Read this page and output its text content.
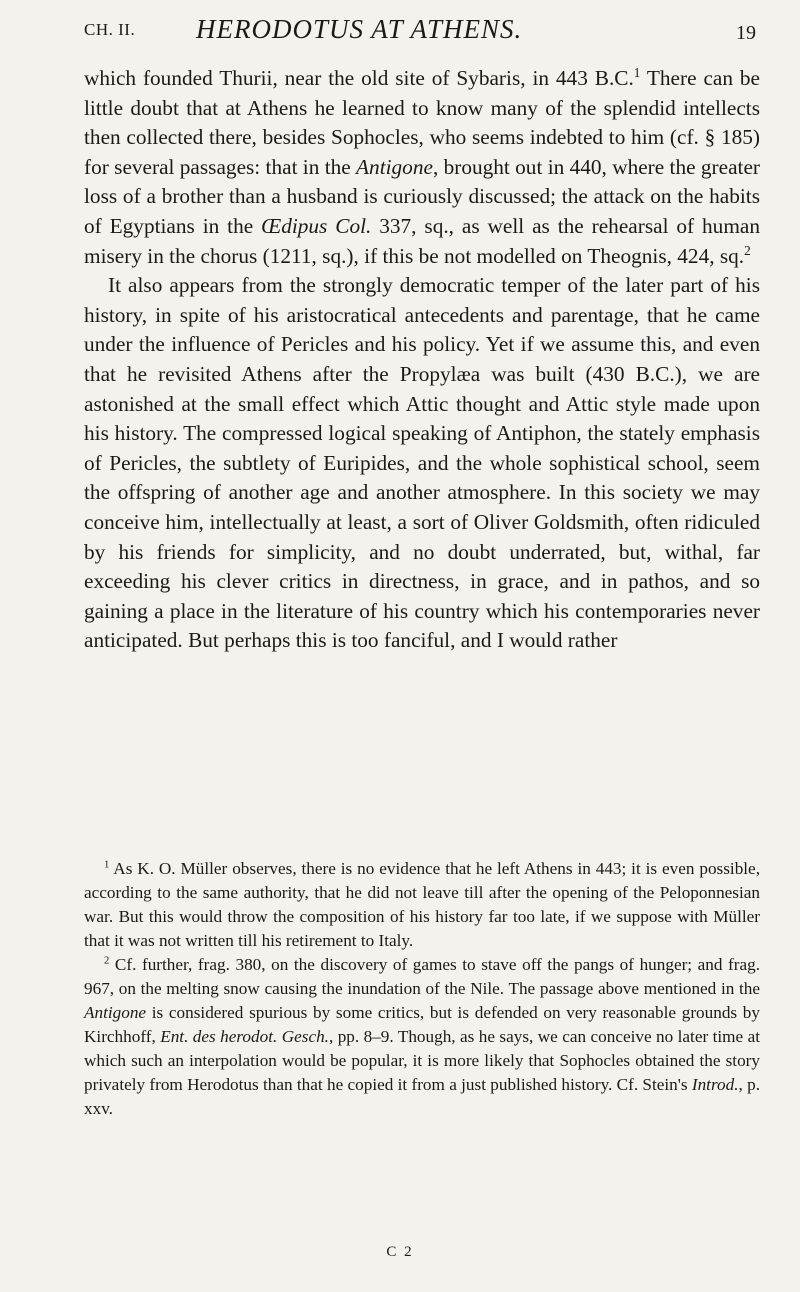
CH. II. HERODOTUS AT ATHENS.	19

which founded Thurii, near the old site of Sybaris, in 443 B.C.$^1$ There can be little doubt that at Athens he learned to know many of the splendid intellects then collected there, besides Sophocles, who seems indebted to him (cf. § 185) for several passages: that in the Antigone, brought out in 440, where the greater loss of a brother than a husband is curiously discussed; the attack on the habits of Egyptians in the Œdipus Col. 337, sq., as well as the rehearsal of human misery in the chorus (1211, sq.), if this be not modelled on Theognis, 424, sq.$^2$

It also appears from the strongly democratic temper of the later part of his history, in spite of his aristocratical antecedents and parentage, that he came under the influence of Pericles and his policy. Yet if we assume this, and even that he revisited Athens after the Propylæa was built (430 B.C.), we are astonished at the small effect which Attic thought and Attic style made upon his history. The compressed logical speaking of Antiphon, the stately emphasis of Pericles, the subtlety of Euripides, and the whole sophistical school, seem the offspring of another age and another atmosphere. In this society we may conceive him, intellectually at least, a sort of Oliver Goldsmith, often ridiculed by his friends for simplicity, and no doubt underrated, but, withal, far exceeding his clever critics in directness, in grace, and in pathos, and so gaining a place in the literature of his country which his contemporaries never anticipated. But perhaps this is too fanciful, and I would rather

$^1$ As K. O. Müller observes, there is no evidence that he left Athens in 443; it is even possible, according to the same authority, that he did not leave till after the opening of the Peloponnesian war. But this would throw the composition of his history far too late, if we suppose with Müller that it was not written till his retirement to Italy.

$^2$ Cf. further, frag. 380, on the discovery of games to stave off the pangs of hunger; and frag. 967, on the melting snow causing the inundation of the Nile. The passage above mentioned in the Antigone is considered spurious by some critics, but is defended on very reasonable grounds by Kirchhoff, Ent. des herodot. Gesch., pp. 8–9. Though, as he says, we can conceive no later time at which such an interpolation would be popular, it is more likely that Sophocles obtained the story privately from Herodotus than that he copied it from a just published history. Cf. Stein's Introd., p. xxv.

C 2
